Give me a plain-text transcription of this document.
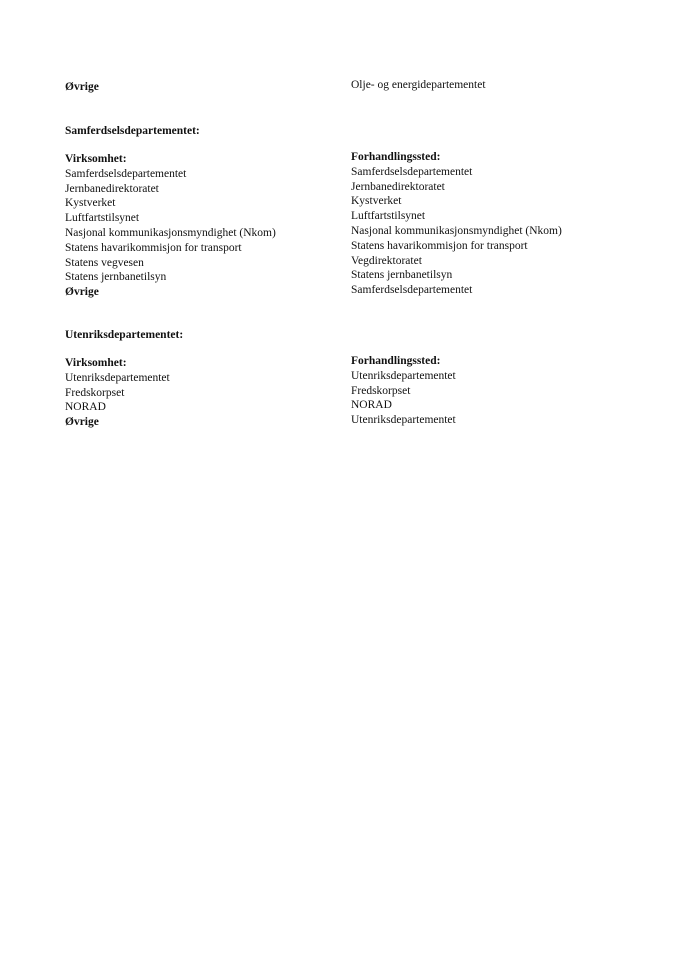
Øvrige	Olje- og energidepartementet
Samferdselsdepartementet:
Virksomhet:
Samferdselsdepartementet
Jernbanedirektoratet
Kystverket
Luftfartstilsynet
Nasjonal kommunikasjonsmyndighet (Nkom)
Statens havarikommisjon for transport
Statens vegvesen
Statens jernbanetilsyn
Øvrige
Forhandlingssted:
Samferdselsdepartementet
Jernbanedirektoratet
Kystverket
Luftfartstilsynet
Nasjonal kommunikasjonsmyndighet (Nkom)
Statens havarikommisjon for transport
Vegdirektoratet
Statens jernbanetilsyn
Samferdselsdepartementet
Utenriksdepartementet:
Virksomhet:
Utenriksdepartementet
Fredskorpset
NORAD
Øvrige
Forhandlingssted:
Utenriksdepartementet
Fredskorpset
NORAD
Utenriksdepartementet
